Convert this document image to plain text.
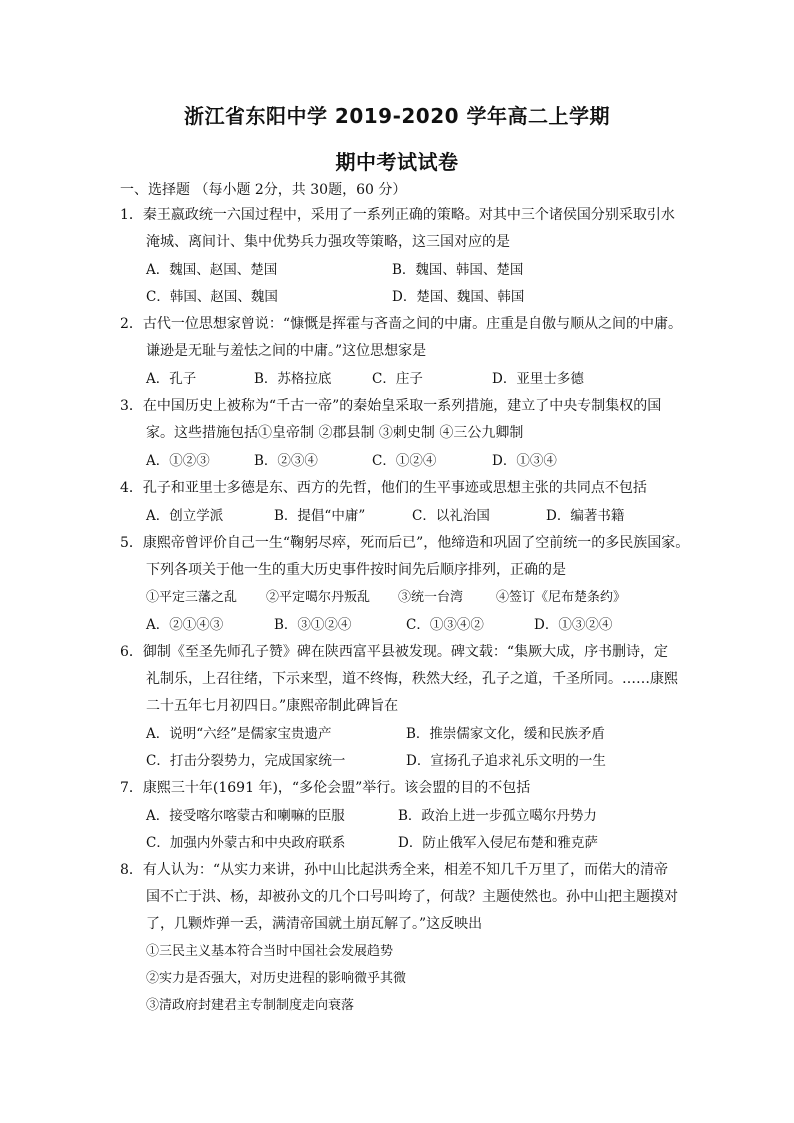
浙江省东阳中学 2019-2020 学年高二上学期
期中考试试卷
一、选择题 （每小题 2分，共 30题，60 分）
1．秦王嬴政统一六国过程中，采用了一系列正确的策略。对其中三个诸侯国分别采取引水
淹城、离间计、集中优势兵力强攻等策略，这三国对应的是
A．魏国、赵国、楚国	B．魏国、韩国、楚国
C．韩国、赵国、魏国	D．楚国、魏国、韩国
2．古代一位思想家曾说：“慷慨是挥霍与吝啬之间的中庸。庄重是自傲与顺从之间的中庸。
谦逊是无耻与羞怯之间的中庸。”这位思想家是
A．孔子	B．苏格拉底	C．庄子	D．亚里士多德
3．在中国历史上被称为“千古一帝”的秦始皇采取一系列措施，建立了中央专制集权的国
家。这些措施包括①皇帝制 ②郡县制 ③刺史制 ④三公九卿制
A．①②③	B．②③④	C．①②④	D．①③④
4．孔子和亚里士多德是东、西方的先哲，他们的生平事迹或思想主张的共同点不包括
A．创立学派	B．提倡“中庸”	C．以礼治国	D．编著书籍
5．康熙帝曾评价自己一生“鞠躬尽瘁，死而后已”，他缔造和巩固了空前统一的多民族国家。
下列各项关于他一生的重大历史事件按时间先后顺序排列，正确的是
①平定三藩之乱 ②平定噶尔丹叛乱 ③统一台湾	④签订《尼布楚条约》
A．②①④③	B．③①②④	C．①③④②	D．①③②④
6．御制《至圣先师孔子赞》碑在陕西富平县被发现。碑文载：“集厥大成，序书删诗，定
礼制乐，上召往绪，下示来型，道不终悔，秩然大经，孔子之道，千圣所同。……康熙
二十五年七月初四日。”康熙帝制此碑旨在
A．说明“六经”是儒家宝贵遗产	B．推崇儒家文化，缓和民族矛盾
C．打击分裂势力，完成国家统一	D．宣扬孔子追求礼乐文明的一生
7．康熙三十年(1691 年)，“多伦会盟”举行。该会盟的目的不包括
A．接受喀尔喀蒙古和喇嘛的臣服	B．政治上进一步孤立噶尔丹势力
C．加强内外蒙古和中央政府联系	D．防止俄军入侵尼布楚和雅克萨
8．有人认为：“从实力来讲，孙中山比起洪秀全来，相差不知几千万里了，而偌大的清帝
国不亡于洪、杨，却被孙文的几个口号叫垮了，何哉？主题使然也。孙中山把主题摸对
了，几颗炸弹一丢，满清帝国就土崩瓦解了。”这反映出
①三民主义基本符合当时中国社会发展趋势
②实力是否强大，对历史进程的影响微乎其微
③清政府封建君主专制制度走向衰落
